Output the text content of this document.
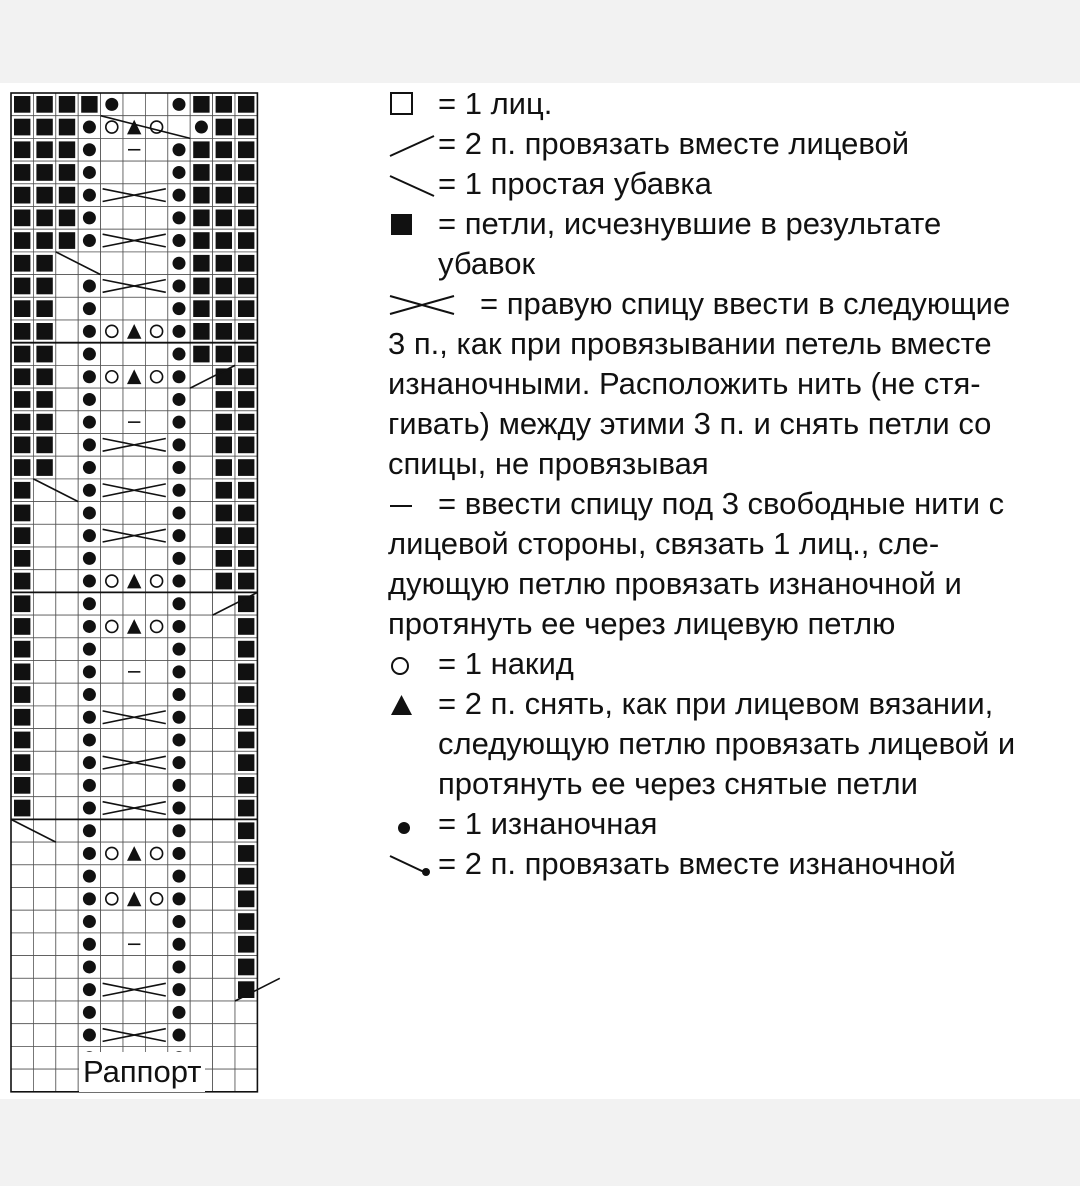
Раппорт
= 1 лиц.
= 2 п. провязать вместе лицевой
= 1 простая убавка
= петли, исчезнувшие в результате
убавок
= правую спицу ввести в следующие
3 п., как при провязывании петель вместе
изнаночными. Расположить нить (не стя-
гивать) между этими 3 п. и снять петли со
спицы, не провязывая
= ввести спицу под 3 свободные нити с
лицевой стороны, связать 1 лиц., сле-
дующую петлю провязать изнаночной и
протянуть ее через лицевую петлю
= 1 накид
= 2 п. снять, как при лицевом вязании,
следующую петлю провязать лицевой и
протянуть ее через снятые петли
= 1 изнаночная
= 2 п. провязать вместе изнаночной
